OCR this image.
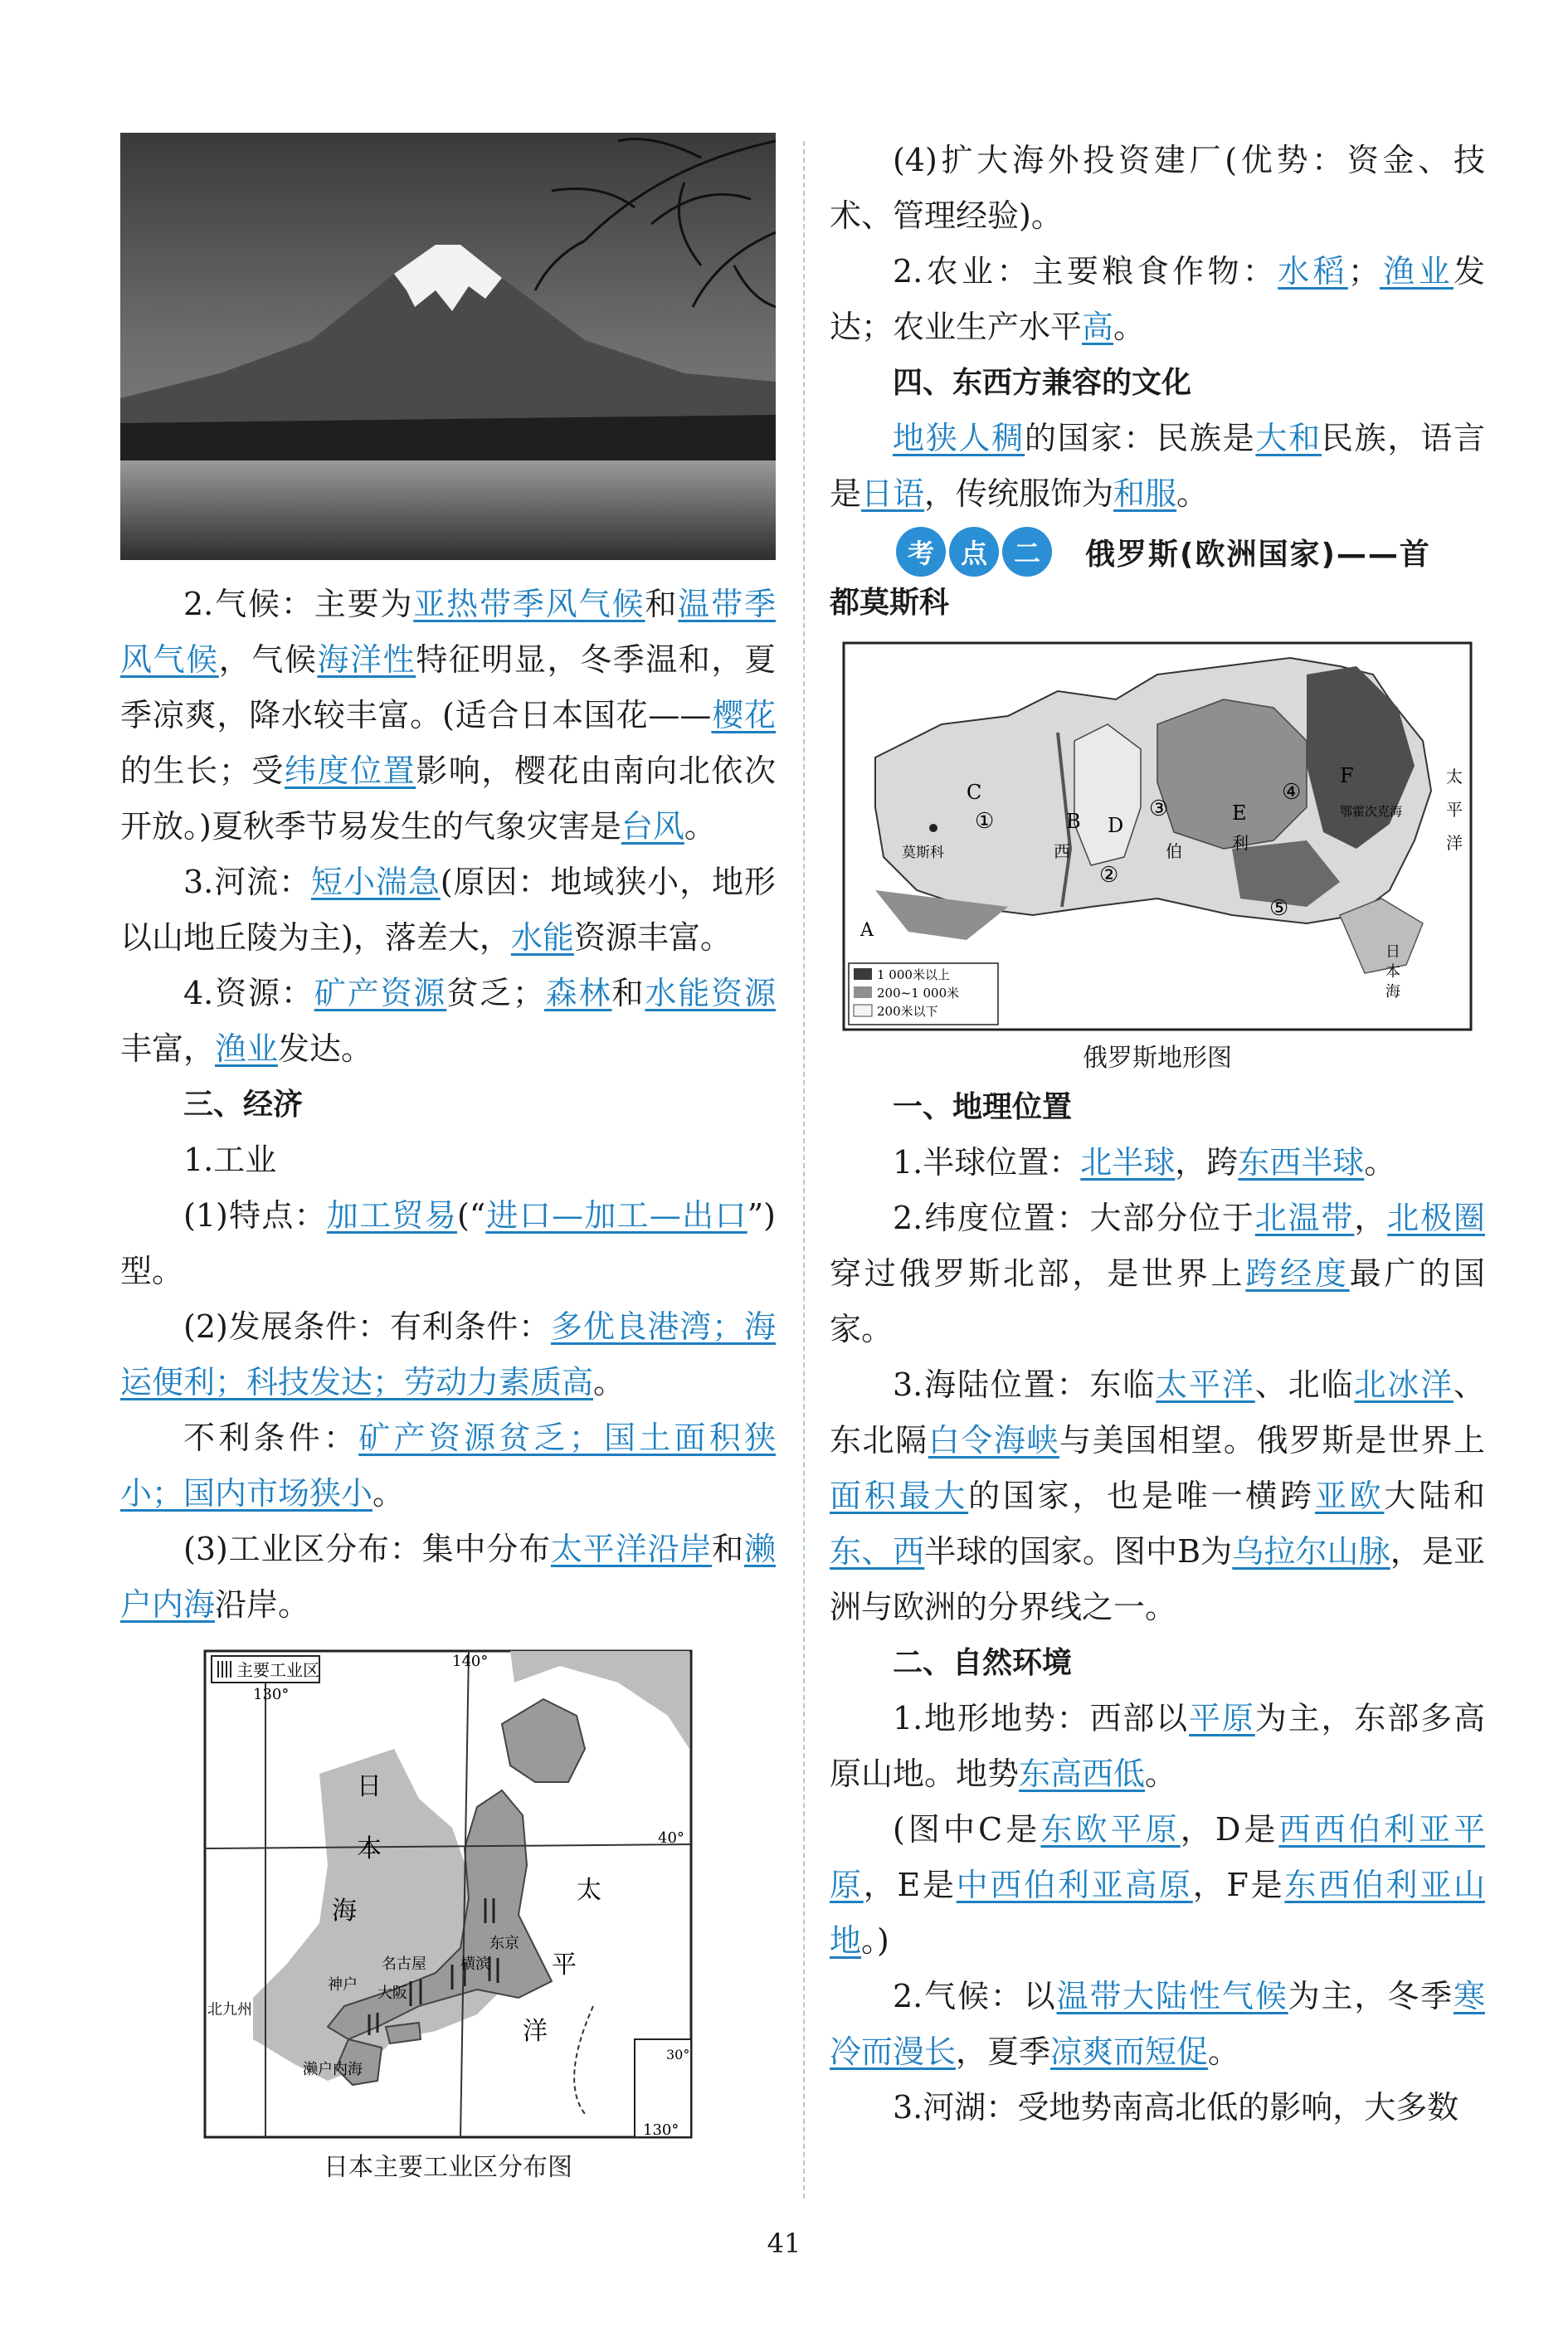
2.气候：主要为亚热带季风气候和温带季风气候，气候海洋性特征明显，冬季温和，夏季凉爽，降水较丰富。(适合日本国花——樱花的生长；受纬度位置影响，樱花由南向北依次开放。)夏秋季节易发生的气象灾害是台风。

3.河流：短小湍急(原因：地域狭小，地形以山地丘陵为主)，落差大，水能资源丰富。

4.资源：矿产资源贫乏；森林和水能资源丰富，渔业发达。

三、经济

1.工业

(1)特点：加工贸易(“进口—加工—出口”)型。

(2)发展条件：有利条件：多优良港湾；海运便利；科技发达；劳动力素质高。

不利条件：矿产资源贫乏；国土面积狭小；国内市场狭小。

(3)工业区分布：集中分布太平洋沿岸和濑户内海沿岸。

主要工业区	140°
130°
40°
30°
130°
日
本
海
太
平
洋
东京
名古屋 横滨
大阪
神户
北九州
濑户内海

日本主要工业区分布图

(4)扩大海外投资建厂(优势：资金、技术、管理经验)。

2.农业：主要粮食作物：水稻；渔业发达；农业生产水平高。

四、东西方兼容的文化

地狭人稠的国家：民族是大和民族，语言是日语，传统服饰为和服。

考 点 二	俄罗斯(欧洲国家)——首

都莫斯科

莫斯科
C
B D
E
F
A
①
②
③
④
⑤
西	伯	利
鄂霍次克海
太
平
洋
日
本
海
1 000米以上
200~1 000米
200米以下

俄罗斯地形图

一、地理位置

1.半球位置：北半球，跨东西半球。

2.纬度位置：大部分位于北温带，北极圈穿过俄罗斯北部，是世界上跨经度最广的国家。

3.海陆位置：东临太平洋、北临北冰洋、东北隔白令海峡与美国相望。俄罗斯是世界上面积最大的国家，也是唯一横跨亚欧大陆和东、西半球的国家。图中B为乌拉尔山脉，是亚洲与欧洲的分界线之一。

二、自然环境

1.地形地势：西部以平原为主，东部多高原山地。地势东高西低。

(图中C是东欧平原，D是西西伯利亚平原，E是中西伯利亚高原，F是东西伯利亚山地。)

2.气候：以温带大陆性气候为主，冬季寒冷而漫长，夏季凉爽而短促。

3.河湖：受地势南高北低的影响，大多数

41
